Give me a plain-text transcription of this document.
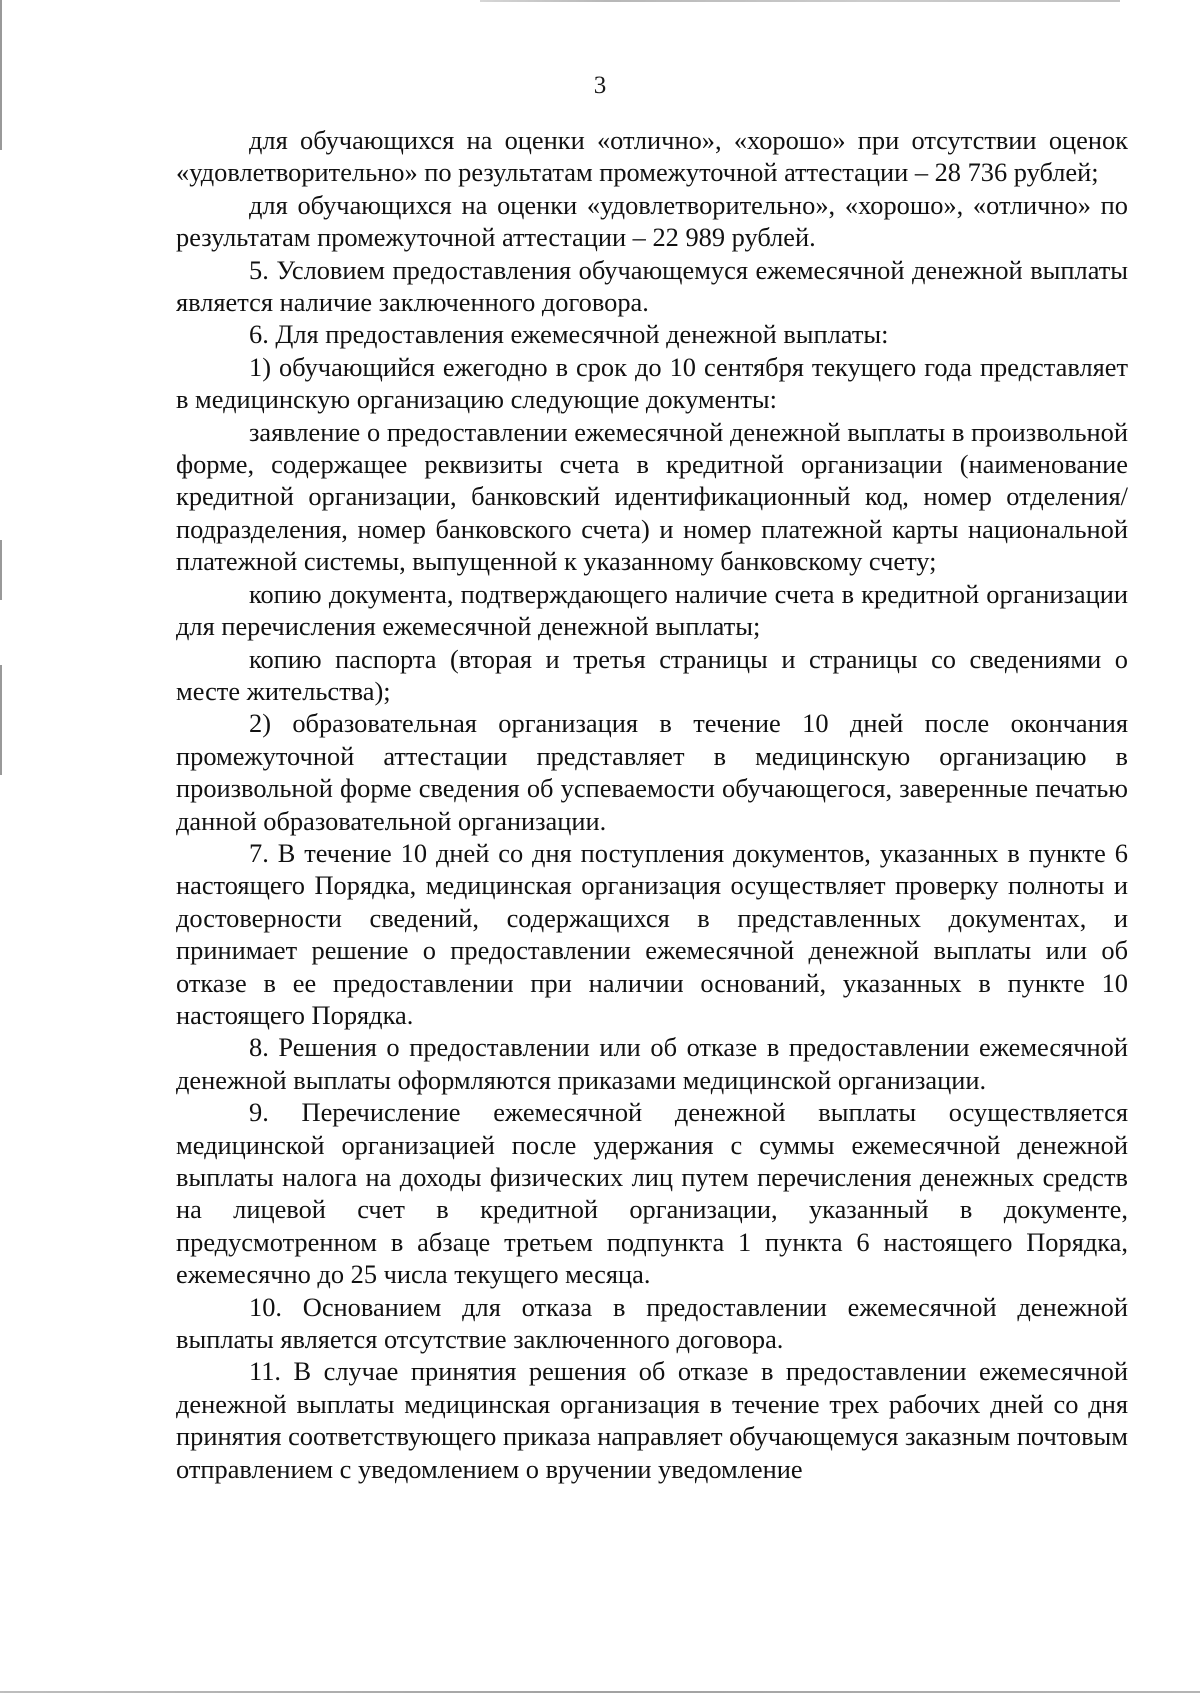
3

для обучающихся на оценки «отлично», «хорошо» при отсутствии оценок «удовлетворительно» по результатам промежуточной аттестации – 28 736 рублей;

для обучающихся на оценки «удовлетворительно», «хорошо», «отлично» по результатам промежуточной аттестации – 22 989 рублей.

5. Условием предоставления обучающемуся ежемесячной денежной выплаты является наличие заключенного договора.

6. Для предоставления ежемесячной денежной выплаты:

1) обучающийся ежегодно в срок до 10 сентября текущего года представляет в медицинскую организацию следующие документы:

заявление о предоставлении ежемесячной денежной выплаты в произвольной форме, содержащее реквизиты счета в кредитной организации (наименование кредитной организации, банковский идентификационный код, номер отделения/подразделения, номер банковского счета) и номер платежной карты национальной платежной системы, выпущенной к указанному банковскому счету;

копию документа, подтверждающего наличие счета в кредитной организации для перечисления ежемесячной денежной выплаты;

копию паспорта (вторая и третья страницы и страницы со сведениями о месте жительства);

2) образовательная организация в течение 10 дней после окончания промежуточной аттестации представляет в медицинскую организацию в произвольной форме сведения об успеваемости обучающегося, заверенные печатью данной образовательной организации.

7. В течение 10 дней со дня поступления документов, указанных в пункте 6 настоящего Порядка, медицинская организация осуществляет проверку полноты и достоверности сведений, содержащихся в представленных документах, и принимает решение о предоставлении ежемесячной денежной выплаты или об отказе в ее предоставлении при наличии оснований, указанных в пункте 10 настоящего Порядка.

8. Решения о предоставлении или об отказе в предоставлении ежемесячной денежной выплаты оформляются приказами медицинской организации.

9. Перечисление ежемесячной денежной выплаты осуществляется медицинской организацией после удержания с суммы ежемесячной денежной выплаты налога на доходы физических лиц путем перечисления денежных средств на лицевой счет в кредитной организации, указанный в документе, предусмотренном в абзаце третьем подпункта 1 пункта 6 настоящего Порядка, ежемесячно до 25 числа текущего месяца.

10. Основанием для отказа в предоставлении ежемесячной денежной выплаты является отсутствие заключенного договора.

11. В случае принятия решения об отказе в предоставлении ежемесячной денежной выплаты медицинская организация в течение трех рабочих дней со дня принятия соответствующего приказа направляет обучающемуся заказным почтовым отправлением с уведомлением о вручении уведомление
